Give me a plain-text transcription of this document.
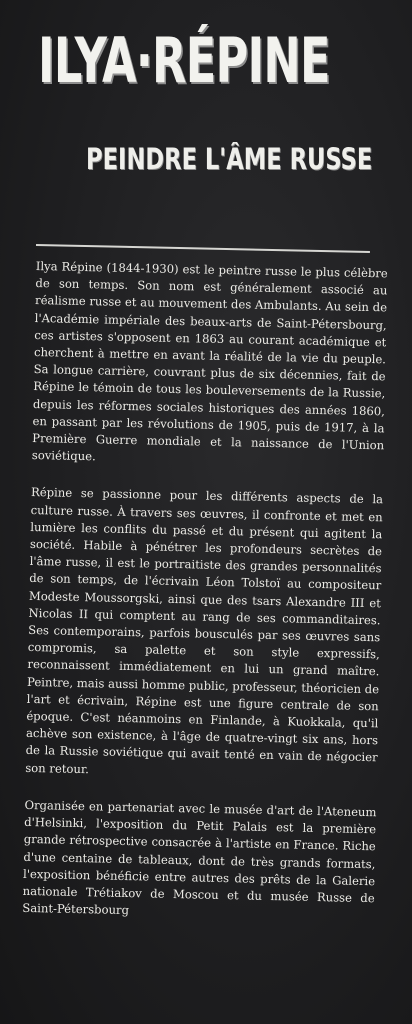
ILYA·RÉPINE
PEINDRE L'ÂME RUSSE

Ilya Répine (1844-1930) est le peintre russe le plus célèbre de son temps. Son nom est généralement associé au réalisme russe et au mouvement des Ambulants. Au sein de l'Académie impériale des beaux-arts de Saint-Pétersbourg, ces artistes s'opposent en 1863 au courant académique et cherchent à mettre en avant la réalité de la vie du peuple. Sa longue carrière, couvrant plus de six décennies, fait de Répine le témoin de tous les bouleversements de la Russie, depuis les réformes sociales historiques des années 1860, en passant par les révolutions de 1905, puis de 1917, à la Première Guerre mondiale et la naissance de l'Union soviétique.

Répine se passionne pour les différents aspects de la culture russe. À travers ses œuvres, il confronte et met en lumière les conflits du passé et du présent qui agitent la société. Habile à pénétrer les profondeurs secrètes de l'âme russe, il est le portraitiste des grandes personnalités de son temps, de l'écrivain Léon Tolstoï au compositeur Modeste Moussorgski, ainsi que des tsars Alexandre III et Nicolas II qui comptent au rang de ses commanditaires. Ses contemporains, parfois bousculés par ses œuvres sans compromis, sa palette et son style expressifs, reconnaissent immédiatement en lui un grand maître. Peintre, mais aussi homme public, professeur, théoricien de l'art et écrivain, Répine est une figure centrale de son époque. C'est néanmoins en Finlande, à Kuokkala, qu'il achève son existence, à l'âge de quatre-vingt six ans, hors de la Russie soviétique qui avait tenté en vain de négocier son retour.

Organisée en partenariat avec le musée d'art de l'Ateneum d'Helsinki, l'exposition du Petit Palais est la première grande rétrospective consacrée à l'artiste en France. Riche d'une centaine de tableaux, dont de très grands formats, l'exposition bénéficie entre autres des prêts de la Galerie nationale Trétiakov de Moscou et du musée Russe de Saint-Pétersbourg
